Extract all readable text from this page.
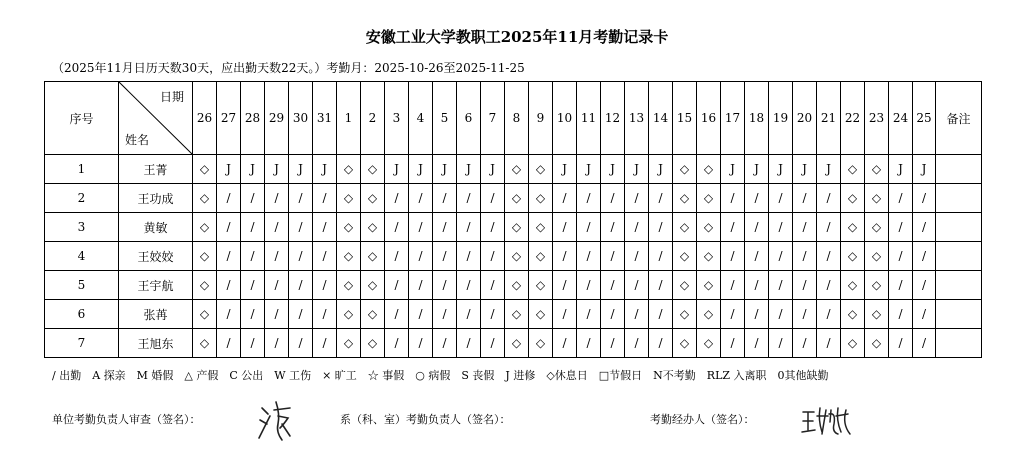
安徽工业大学教职工2025年11月考勤记录卡
（2025年11月日历天数30天，应出勤天数22天。）考勤月：2025-10-26至2025-11-25
序号	日期
姓名	26	27	28	29	30	31	1	2	3	4	5	6	7	8	9	10	11	12	13	14	15	16	17	18	19	20	21	22	23	24	25	备注
1	王菁	◇	J	J	J	J	J	◇	◇	J	J	J	J	J	◇	◇	J	J	J	J	J	◇	◇	J	J	J	J	J	◇	◇	J	J	
2	王功成	◇	/	/	/	/	/	◇	◇	/	/	/	/	/	◇	◇	/	/	/	/	/	◇	◇	/	/	/	/	/	◇	◇	/	/	
3	黄敏	◇	/	/	/	/	/	◇	◇	/	/	/	/	/	◇	◇	/	/	/	/	/	◇	◇	/	/	/	/	/	◇	◇	/	/	
4	王姣姣	◇	/	/	/	/	/	◇	◇	/	/	/	/	/	◇	◇	/	/	/	/	/	◇	◇	/	/	/	/	/	◇	◇	/	/	
5	王宇航	◇	/	/	/	/	/	◇	◇	/	/	/	/	/	◇	◇	/	/	/	/	/	◇	◇	/	/	/	/	/	◇	◇	/	/	
6	张苒	◇	/	/	/	/	/	◇	◇	/	/	/	/	/	◇	◇	/	/	/	/	/	◇	◇	/	/	/	/	/	◇	◇	/	/	
7	王旭东	◇	/	/	/	/	/	◇	◇	/	/	/	/	/	◇	◇	/	/	/	/	/	◇	◇	/	/	/	/	/	◇	◇	/	/	
/ 出勤　A 探亲　M 婚假　△ 产假　C 公出　W 工伤　× 旷工　☆ 事假　○ 病假　S 丧假　J 进修　◇休息日　□节假日　N不考勤　RLZ 入离职　0其他缺勤
单位考勤负责人审查（签名）：	系（科、室）考勤负责人（签名）：	考勤经办人（签名）：
